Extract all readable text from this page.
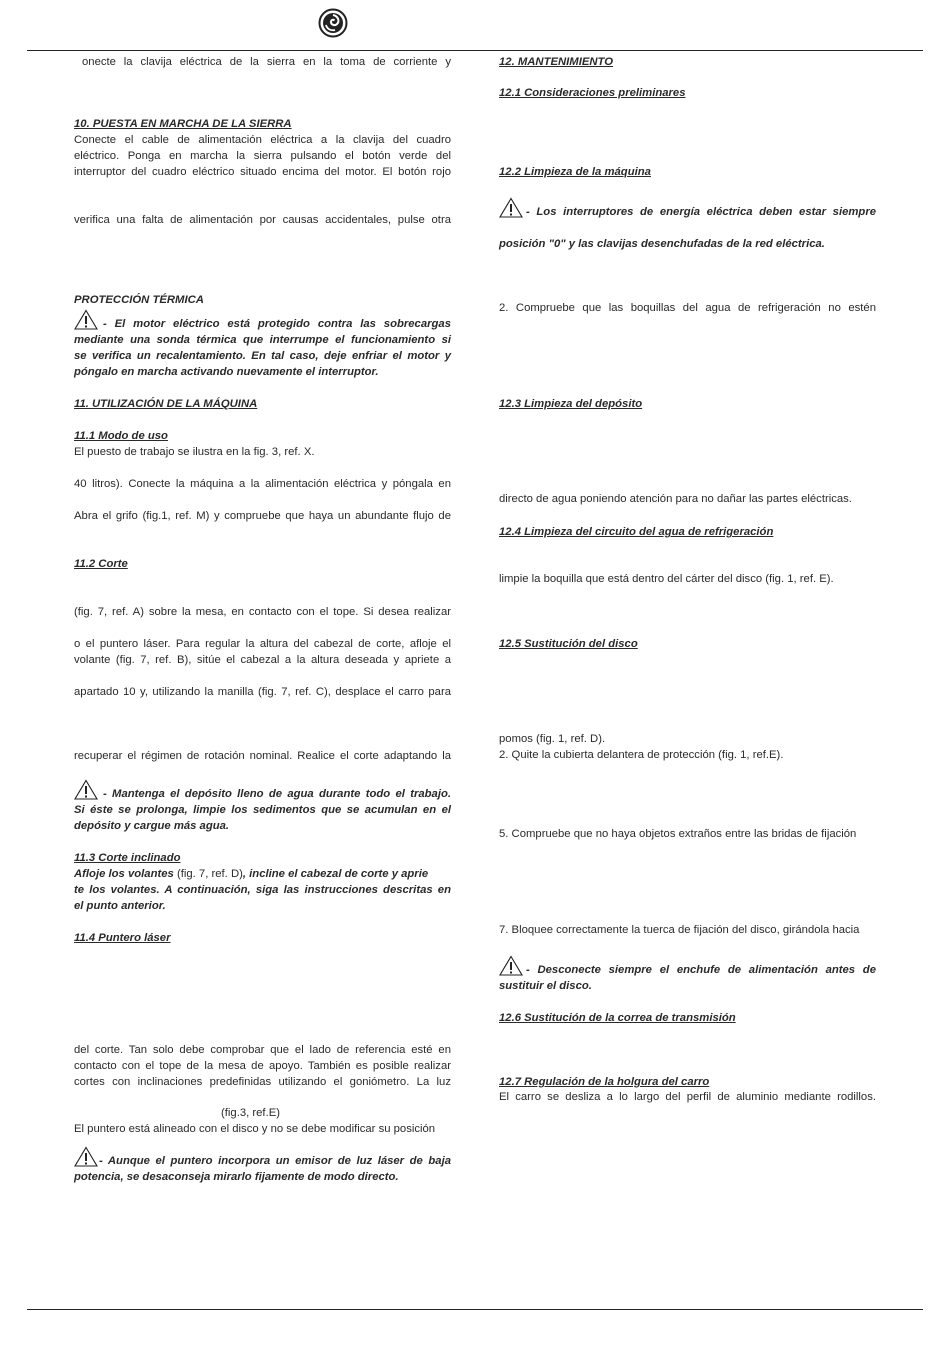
onecte la clavija eléctrica de la sierra en la toma de corriente y
10. PUESTA EN MARCHA DE LA SIERRA
Conecte el cable de alimentación eléctrica a la clavija del cuadro
eléctrico. Ponga en marcha la sierra pulsando el botón verde del
interruptor del cuadro eléctrico situado encima del motor. El botón rojo
verifica una falta de alimentación por causas accidentales, pulse otra
PROTECCIÓN TÉRMICA
- El motor eléctrico está protegido contra las sobrecargas
mediante una sonda térmica que interrumpe el funcionamiento si
se verifica un recalentamiento. En tal caso, deje enfriar el motor y
póngalo en marcha activando nuevamente el interruptor.
11. UTILIZACIÓN DE LA MÁQUINA
11.1 Modo de uso
El puesto de trabajo se ilustra en la fig. 3, ref. X.
40 litros). Conecte la máquina a la alimentación eléctrica y póngala en
Abra el grifo (fig.1, ref. M) y compruebe que haya un abundante flujo de
11.2 Corte
(fig. 7, ref. A) sobre la mesa, en contacto con el tope. Si desea realizar
o el puntero láser. Para regular la altura del cabezal de corte, afloje el
volante (fig. 7, ref. B), sitúe el cabezal a la altura deseada y apriete a
apartado 10 y, utilizando la manilla (fig. 7, ref. C), desplace el carro para
recuperar el régimen de rotación nominal. Realice el corte adaptando la
- Mantenga el depósito lleno de agua durante todo el trabajo.
Si éste se prolonga, limpie los sedimentos que se acumulan en el
depósito y cargue más agua.
11.3 Corte inclinado
Afloje los volantes (fig. 7, ref. D), incline el cabezal de corte y aprie
te los volantes. A continuación, siga las instrucciones descritas en
el punto anterior.
11.4 Puntero láser
del corte. Tan solo debe comprobar que el lado de referencia esté en
contacto con el tope de la mesa de apoyo. También es posible realizar
cortes con inclinaciones predefinidas utilizando el goniómetro. La luz
(fig.3, ref.E)
El puntero está alineado con el disco y no se debe modificar su posición
- Aunque el puntero incorpora un emisor de luz láser de baja
potencia, se desaconseja mirarlo fijamente de modo directo.
12. MANTENIMIENTO
12.1 Consideraciones preliminares
12.2 Limpieza de la máquina
- Los interruptores de energía eléctrica deben estar siempre
posición "0" y las clavijas desenchufadas de la red eléctrica.
2. Compruebe que las boquillas del agua de refrigeración no estén
12.3 Limpieza del depósito
directo de agua poniendo atención para no dañar las partes eléctricas.
12.4 Limpieza del circuito del agua de refrigeración
limpie la boquilla que está dentro del cárter del disco (fig. 1, ref. E).
12.5 Sustitución del disco
pomos (fig. 1, ref. D).
2. Quite la cubierta delantera de protección (fig. 1, ref.E).
5. Compruebe que no haya objetos extraños entre las bridas de fijación
7. Bloquee correctamente la tuerca de fijación del disco, girándola hacia
- Desconecte siempre el enchufe de alimentación antes de
sustituir el disco.
12.6 Sustitución de la correa de transmisión
12.7 Regulación de la holgura del carro
El carro se desliza a lo largo del perfil de aluminio mediante rodillos.
